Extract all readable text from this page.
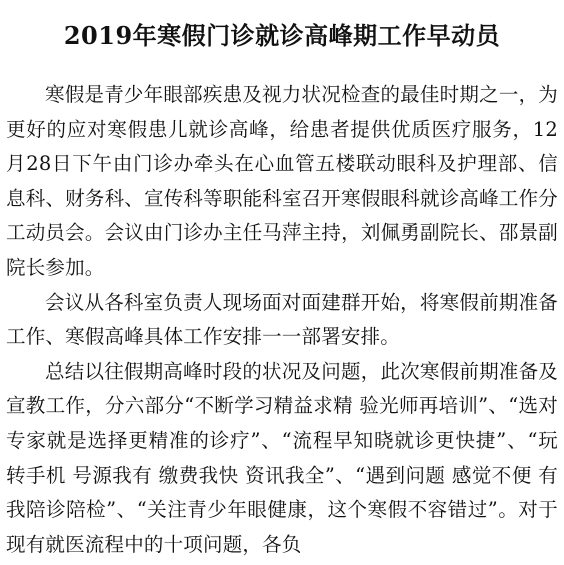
2019年寒假门诊就诊高峰期工作早动员

寒假是青少年眼部疾患及视力状况检查的最佳时期之一，为更好的应对寒假患儿就诊高峰，给患者提供优质医疗服务，12月28日下午由门诊办牵头在心血管五楼联动眼科及护理部、信息科、财务科、宣传科等职能科室召开寒假眼科就诊高峰工作分工动员会。会议由门诊办主任马萍主持，刘佩勇副院长、邵景副院长参加。

会议从各科室负责人现场面对面建群开始，将寒假前期准备工作、寒假高峰具体工作安排一一部署安排。

总结以往假期高峰时段的状况及问题，此次寒假前期准备及宣教工作，分六部分“不断学习精益求精 验光师再培训”、“选对专家就是选择更精准的诊疗”、“流程早知晓就诊更快捷”、“玩转手机 号源我有 缴费我快 资讯我全”、“遇到问题 感觉不便 有我陪诊陪检”、“关注青少年眼健康，这个寒假不容错过”。对于现有就医流程中的十项问题，各负
